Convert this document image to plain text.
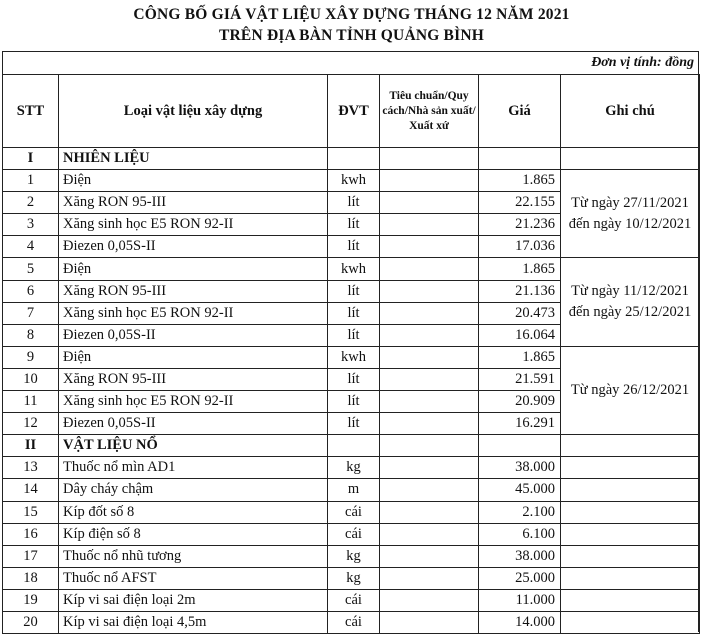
CÔNG BỐ GIÁ VẬT LIỆU XÂY DỰNG THÁNG 12 NĂM 2021
TRÊN ĐỊA BÀN TỈNH QUẢNG BÌNH
Đơn vị tính: đồng
STT	Loại vật liệu xây dựng	ĐVT	Tiêu chuẩn/Quy cách/Nhà sản xuất/ Xuất xứ	Giá	Ghi chú
I	NHIÊN LIỆU				
1	Điện	kwh		1.865	Từ ngày 27/11/2021 đến ngày 10/12/2021
2	Xăng RON 95-III	lít		22.155	
3	Xăng sinh học E5 RON 92-II	lít		21.236	
4	Điezen 0,05S-II	lít		17.036	
5	Điện	kwh		1.865	Từ ngày 11/12/2021 đến ngày 25/12/2021
6	Xăng RON 95-III	lít		21.136	
7	Xăng sinh học E5 RON 92-II	lít		20.473	
8	Điezen 0,05S-II	lít		16.064	
9	Điện	kwh		1.865	Từ ngày 26/12/2021
10	Xăng RON 95-III	lít		21.591	
11	Xăng sinh học E5 RON 92-II	lít		20.909	
12	Điezen 0,05S-II	lít		16.291	
II	VẬT LIỆU NỔ				
13	Thuốc nổ mìn AD1	kg		38.000	
14	Dây cháy chậm	m		45.000	
15	Kíp đốt số 8	cái		2.100	
16	Kíp điện số 8	cái		6.100	
17	Thuốc nổ nhũ tương	kg		38.000	
18	Thuốc nổ AFST	kg		25.000	
19	Kíp vi sai điện loại 2m	cái		11.000	
20	Kíp vi sai điện loại 4,5m	cái		14.000	
